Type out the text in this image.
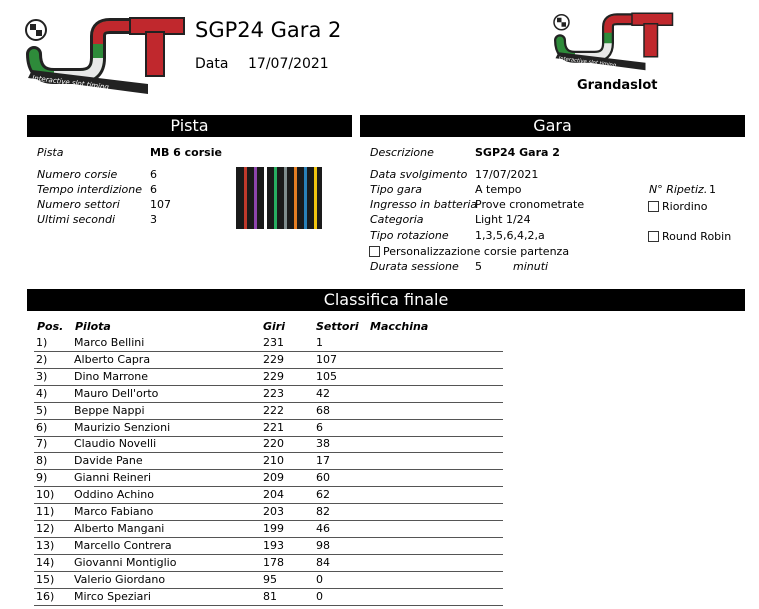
Interactive slot timing
SGP24 Gara 2
Data 17/07/2021	Interactive slot timing
Grandaslot
Pista
Pista	MB 6 corsie
Numero corsie	6
Tempo interdizione 6
Numero settori	107
Ultimi secondi	3
Gara
Descrizione	SGP24 Gara 2
Data svolgimento 17/07/2021
Tipo gara	A tempo
Ingresso in batteria
Prove cronometrate
Categoria	Light 1/24
Tipo rotazione 1,3,5,6,4,2,a
N° Ripetiz. 1
Riordino
Round Robin
Personalizzazione corsie partenza
Durata sessione 5	minuti
Classifica finale
Pos. Pilota	Giri	Settori Macchina
1) Marco Bellini	231	1
2) Alberto Capra	229	107
3) Dino Marrone	229	105
4) Mauro Dell'orto	223	42
5) Beppe Nappi	222	68
6) Maurizio Senzioni	221	6
7) Claudio Novelli	220	38
8) Davide Pane	210	17
9) Gianni Reineri	209	60
10) Oddino Achino	204	62
11) Marco Fabiano	203	82
12) Alberto Mangani	199	46
13) Marcello Contrera	193	98
14) Giovanni Montiglio	178	84
15) Valerio Giordano	95	0
16) Mirco Speziari	81	0
